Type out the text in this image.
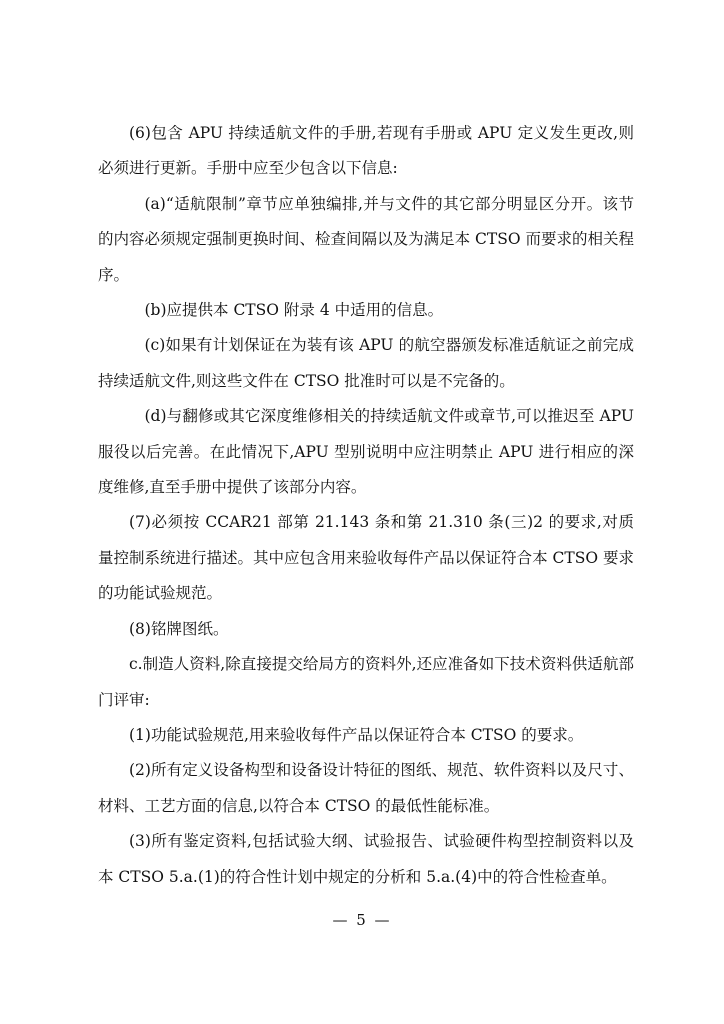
(6)包含 APU 持续适航文件的手册,若现有手册或 APU 定义发生更改,则必须进行更新。手册中应至少包含以下信息:

(a)“适航限制”章节应单独编排,并与文件的其它部分明显区分开。该节的内容必须规定强制更换时间、检查间隔以及为满足本 CTSO 而要求的相关程序。

(b)应提供本 CTSO 附录 4 中适用的信息。

(c)如果有计划保证在为装有该 APU 的航空器颁发标准适航证之前完成持续适航文件,则这些文件在 CTSO 批准时可以是不完备的。

(d)与翻修或其它深度维修相关的持续适航文件或章节,可以推迟至 APU 服役以后完善。在此情况下,APU 型别说明中应注明禁止 APU 进行相应的深度维修,直至手册中提供了该部分内容。

(7)必须按 CCAR21 部第 21.143 条和第 21.310 条(三)2 的要求,对质量控制系统进行描述。其中应包含用来验收每件产品以保证符合本 CTSO 要求的功能试验规范。

(8)铭牌图纸。

c.制造人资料,除直接提交给局方的资料外,还应准备如下技术资料供适航部门评审:

(1)功能试验规范,用来验收每件产品以保证符合本 CTSO 的要求。

(2)所有定义设备构型和设备设计特征的图纸、规范、软件资料以及尺寸、材料、工艺方面的信息,以符合本 CTSO 的最低性能标准。

(3)所有鉴定资料,包括试验大纲、试验报告、试验硬件构型控制资料以及本 CTSO 5.a.(1)的符合性计划中规定的分析和 5.a.(4)中的符合性检查单。

— 5 —
